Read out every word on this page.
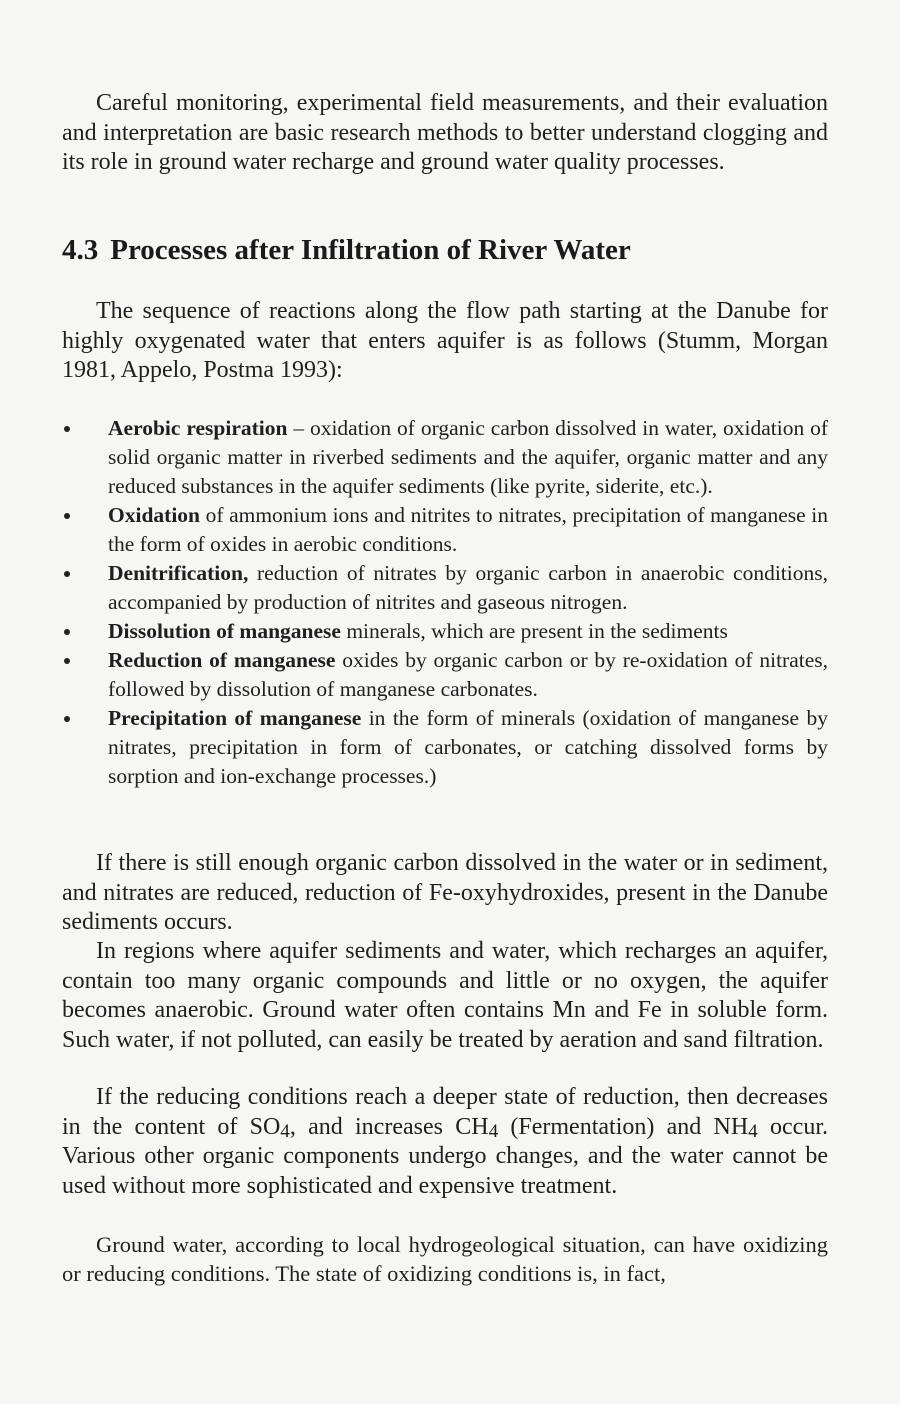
Careful monitoring, experimental field measurements, and their evaluation and interpretation are basic research methods to better understand clogging and its role in ground water recharge and ground water quality processes.

4.3 Processes after Infiltration of River Water

The sequence of reactions along the flow path starting at the Danube for highly oxygenated water that enters aquifer is as follows (Stumm, Morgan 1981, Appelo, Postma 1993):

Aerobic respiration – oxidation of organic carbon dissolved in water, oxidation of solid organic matter in riverbed sediments and the aquifer, organic matter and any reduced substances in the aquifer sediments (like pyrite, siderite, etc.).
Oxidation of ammonium ions and nitrites to nitrates, precipitation of manganese in the form of oxides in aerobic conditions.
Denitrification, reduction of nitrates by organic carbon in anaerobic conditions, accompanied by production of nitrites and gaseous nitrogen.
Dissolution of manganese minerals, which are present in the sediments
Reduction of manganese oxides by organic carbon or by re-oxidation of nitrates, followed by dissolution of manganese carbonates.
Precipitation of manganese in the form of minerals (oxidation of manganese by nitrates, precipitation in form of carbonates, or catching dissolved forms by sorption and ion-exchange processes.)

If there is still enough organic carbon dissolved in the water or in sediment, and nitrates are reduced, reduction of Fe-oxyhydroxides, present in the Danube sediments occurs.

In regions where aquifer sediments and water, which recharges an aquifer, contain too many organic compounds and little or no oxygen, the aquifer becomes anaerobic. Ground water often contains Mn and Fe in soluble form. Such water, if not polluted, can easily be treated by aeration and sand filtration.

If the reducing conditions reach a deeper state of reduction, then decreases in the content of $SO_4$, and increases $CH_4$ (Fermentation) and $NH_4$ occur. Various other organic components undergo changes, and the water cannot be used without more sophisticated and expensive treatment.

Ground water, according to local hydrogeological situation, can have oxidizing or reducing conditions. The state of oxidizing conditions is, in fact,
